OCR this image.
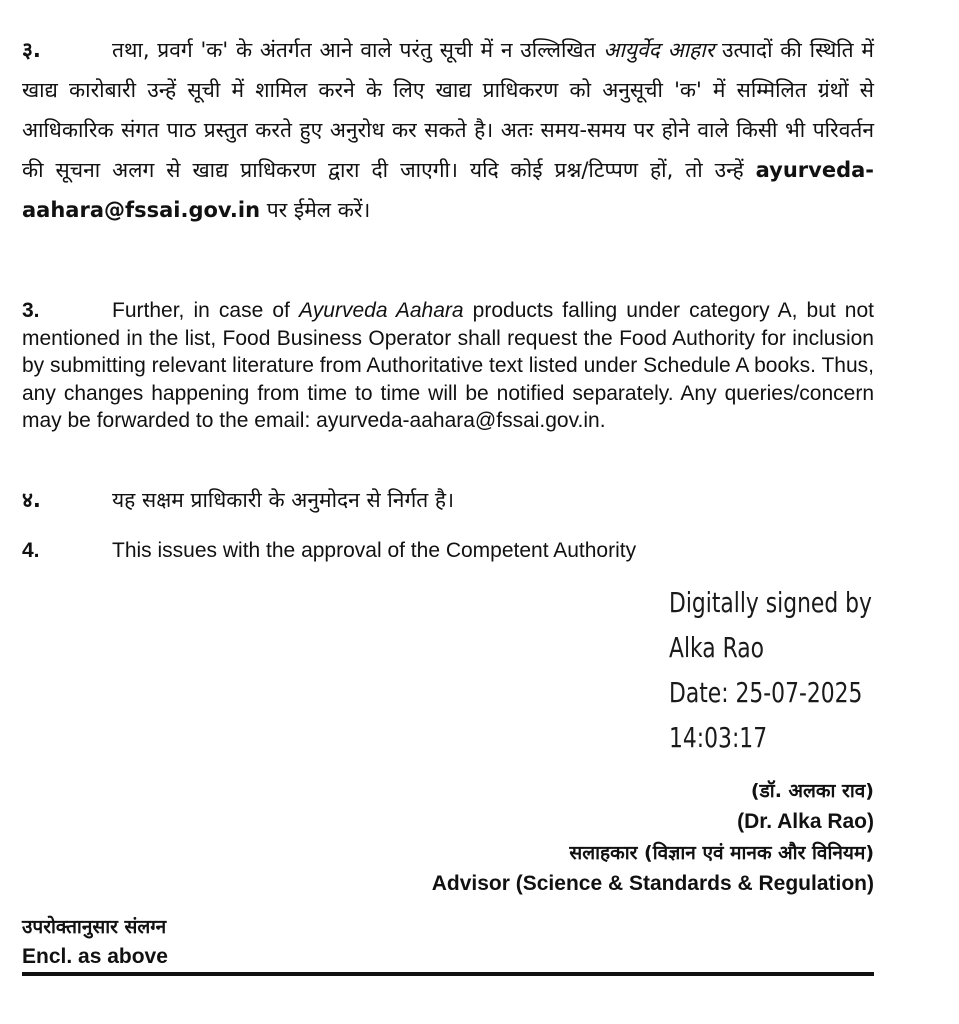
३.	तथा, प्रवर्ग 'क' के अंतर्गत आने वाले परंतु सूची में न उल्लिखित आयुर्वेद आहार उत्पादों की स्थिति में खाद्य कारोबारी उन्हें सूची में शामिल करने के लिए खाद्य प्राधिकरण को अनुसूची 'क' में सम्मिलित ग्रंथों से आधिकारिक संगत पाठ प्रस्तुत करते हुए अनुरोध कर सकते है। अतः समय-समय पर होने वाले किसी भी परिवर्तन की सूचना अलग से खाद्य प्राधिकरण द्वारा दी जाएगी। यदि कोई प्रश्न/टिप्पण हों, तो उन्हें ayurveda-aahara@fssai.gov.in पर ईमेल करें।
3.	Further, in case of Ayurveda Aahara products falling under category A, but not mentioned in the list, Food Business Operator shall request the Food Authority for inclusion by submitting relevant literature from Authoritative text listed under Schedule A books. Thus, any changes happening from time to time will be notified separately. Any queries/concern may be forwarded to the email: ayurveda-aahara@fssai.gov.in.
४.	यह सक्षम प्राधिकारी के अनुमोदन से निर्गत है।
4.	This issues with the approval of the Competent Authority
Digitally signed by
Alka Rao
Date: 25-07-2025
14:03:17
(डॉ. अलका राव)
(Dr. Alka Rao)
सलाहकार (विज्ञान एवं मानक और विनियम)
Advisor (Science & Standards & Regulation)
उपरोक्तानुसार संलग्न
Encl. as above
